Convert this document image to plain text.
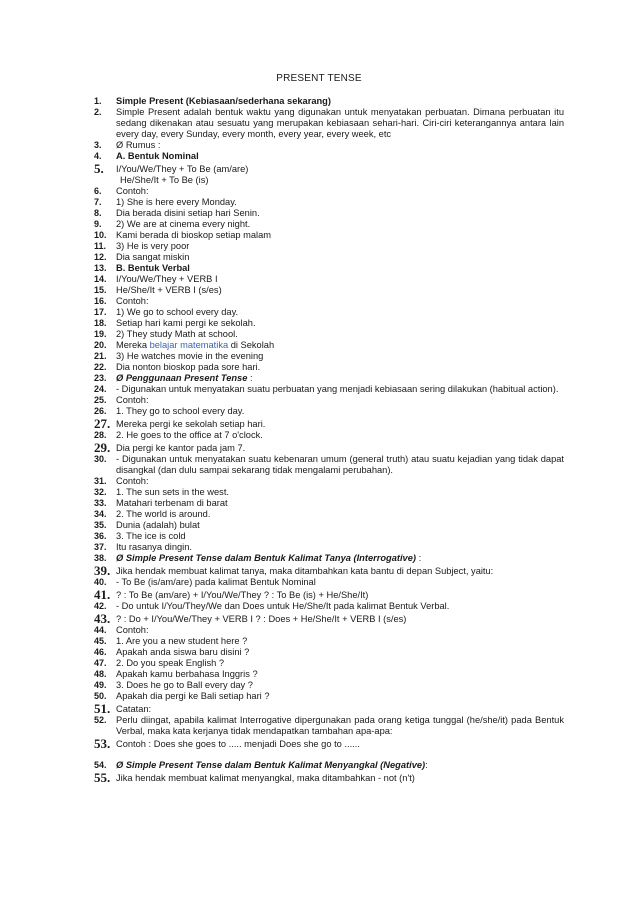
PRESENT TENSE
1. Simple Present (Kebiasaan/sederhana sekarang)
2. Simple Present adalah bentuk waktu yang digunakan untuk menyatakan perbuatan. Dimana perbuatan itu sedang dikenakan atau sesuatu yang merupakan kebiasaan sehari-hari. Ciri-ciri keterangannya antara lain every day, every Sunday, every month, every year, every week, etc
3. Ø Rumus :
4. A. Bentuk Nominal
5. I/You/We/They + To Be (am/are)
He/She/It + To Be (is)
6. Contoh:
7. 1) She is here every Monday.
8. Dia berada disini setiap hari Senin.
9. 2) We are at cinema every night.
10. Kami berada di bioskop setiap malam
11. 3) He is very poor
12. Dia sangat miskin
13. B. Bentuk Verbal
14. I/You/We/They + VERB I
15. He/She/It + VERB I (s/es)
16. Contoh:
17. 1) We go to school every day.
18. Setiap hari kami pergi ke sekolah.
19. 2) They study Math at school.
20. Mereka belajar matematika di Sekolah
21. 3) He watches movie in the evening
22. Dia nonton bioskop pada sore hari.
23. Ø Penggunaan Present Tense :
24. - Digunakan untuk menyatakan suatu perbuatan yang menjadi kebiasaan sering dilakukan (habitual action).
25. Contoh:
26. 1. They go to school every day.
27. Mereka pergi ke sekolah setiap hari.
28. 2. He goes to the office at 7 o'clock.
29. Dia pergi ke kantor pada jam 7.
30. - Digunakan untuk menyatakan suatu kebenaran umum (general truth) atau suatu kejadian yang tidak dapat disangkal (dan dulu sampai sekarang tidak mengalami perubahan).
31. Contoh:
32. 1. The sun sets in the west.
33. Matahari terbenam di barat
34. 2. The world is around.
35. Dunia (adalah) bulat
36. 3. The ice is cold
37. Itu rasanya dingin.
38. Ø Simple Present Tense dalam Bentuk Kalimat Tanya (Interrogative) :
39. Jika hendak membuat kalimat tanya, maka ditambahkan kata bantu di depan Subject, yaitu:
40. - To Be (is/am/are) pada kalimat Bentuk Nominal
41. ? : To Be (am/are) + I/You/We/They ? : To Be (is) + He/She/It)
42. - Do untuk I/You/They/We dan Does untuk He/She/It pada kalimat Bentuk Verbal.
43. ? : Do + I/You/We/They + VERB I ? : Does + He/She/It + VERB I (s/es)
44. Contoh:
45. 1. Are you a new student here ?
46. Apakah anda siswa baru disini ?
47. 2. Do you speak English ?
48. Apakah kamu berbahasa Inggris ?
49. 3. Does he go to Ball every day ?
50. Apakah dia pergi ke Bali setiap hari ?
51. Catatan:
52. Perlu diingat, apabila kalimat Interrogative dipergunakan pada orang ketiga tunggal (he/she/it) pada Bentuk Verbal, maka kata kerjanya tidak mendapatkan tambahan apa-apa:
53. Contoh : Does she goes to ..... menjadi Does she go to ......
54. Ø Simple Present Tense dalam Bentuk Kalimat Menyangkal (Negative):
55. Jika hendak membuat kalimat menyangkal, maka ditambahkan - not (n't)
